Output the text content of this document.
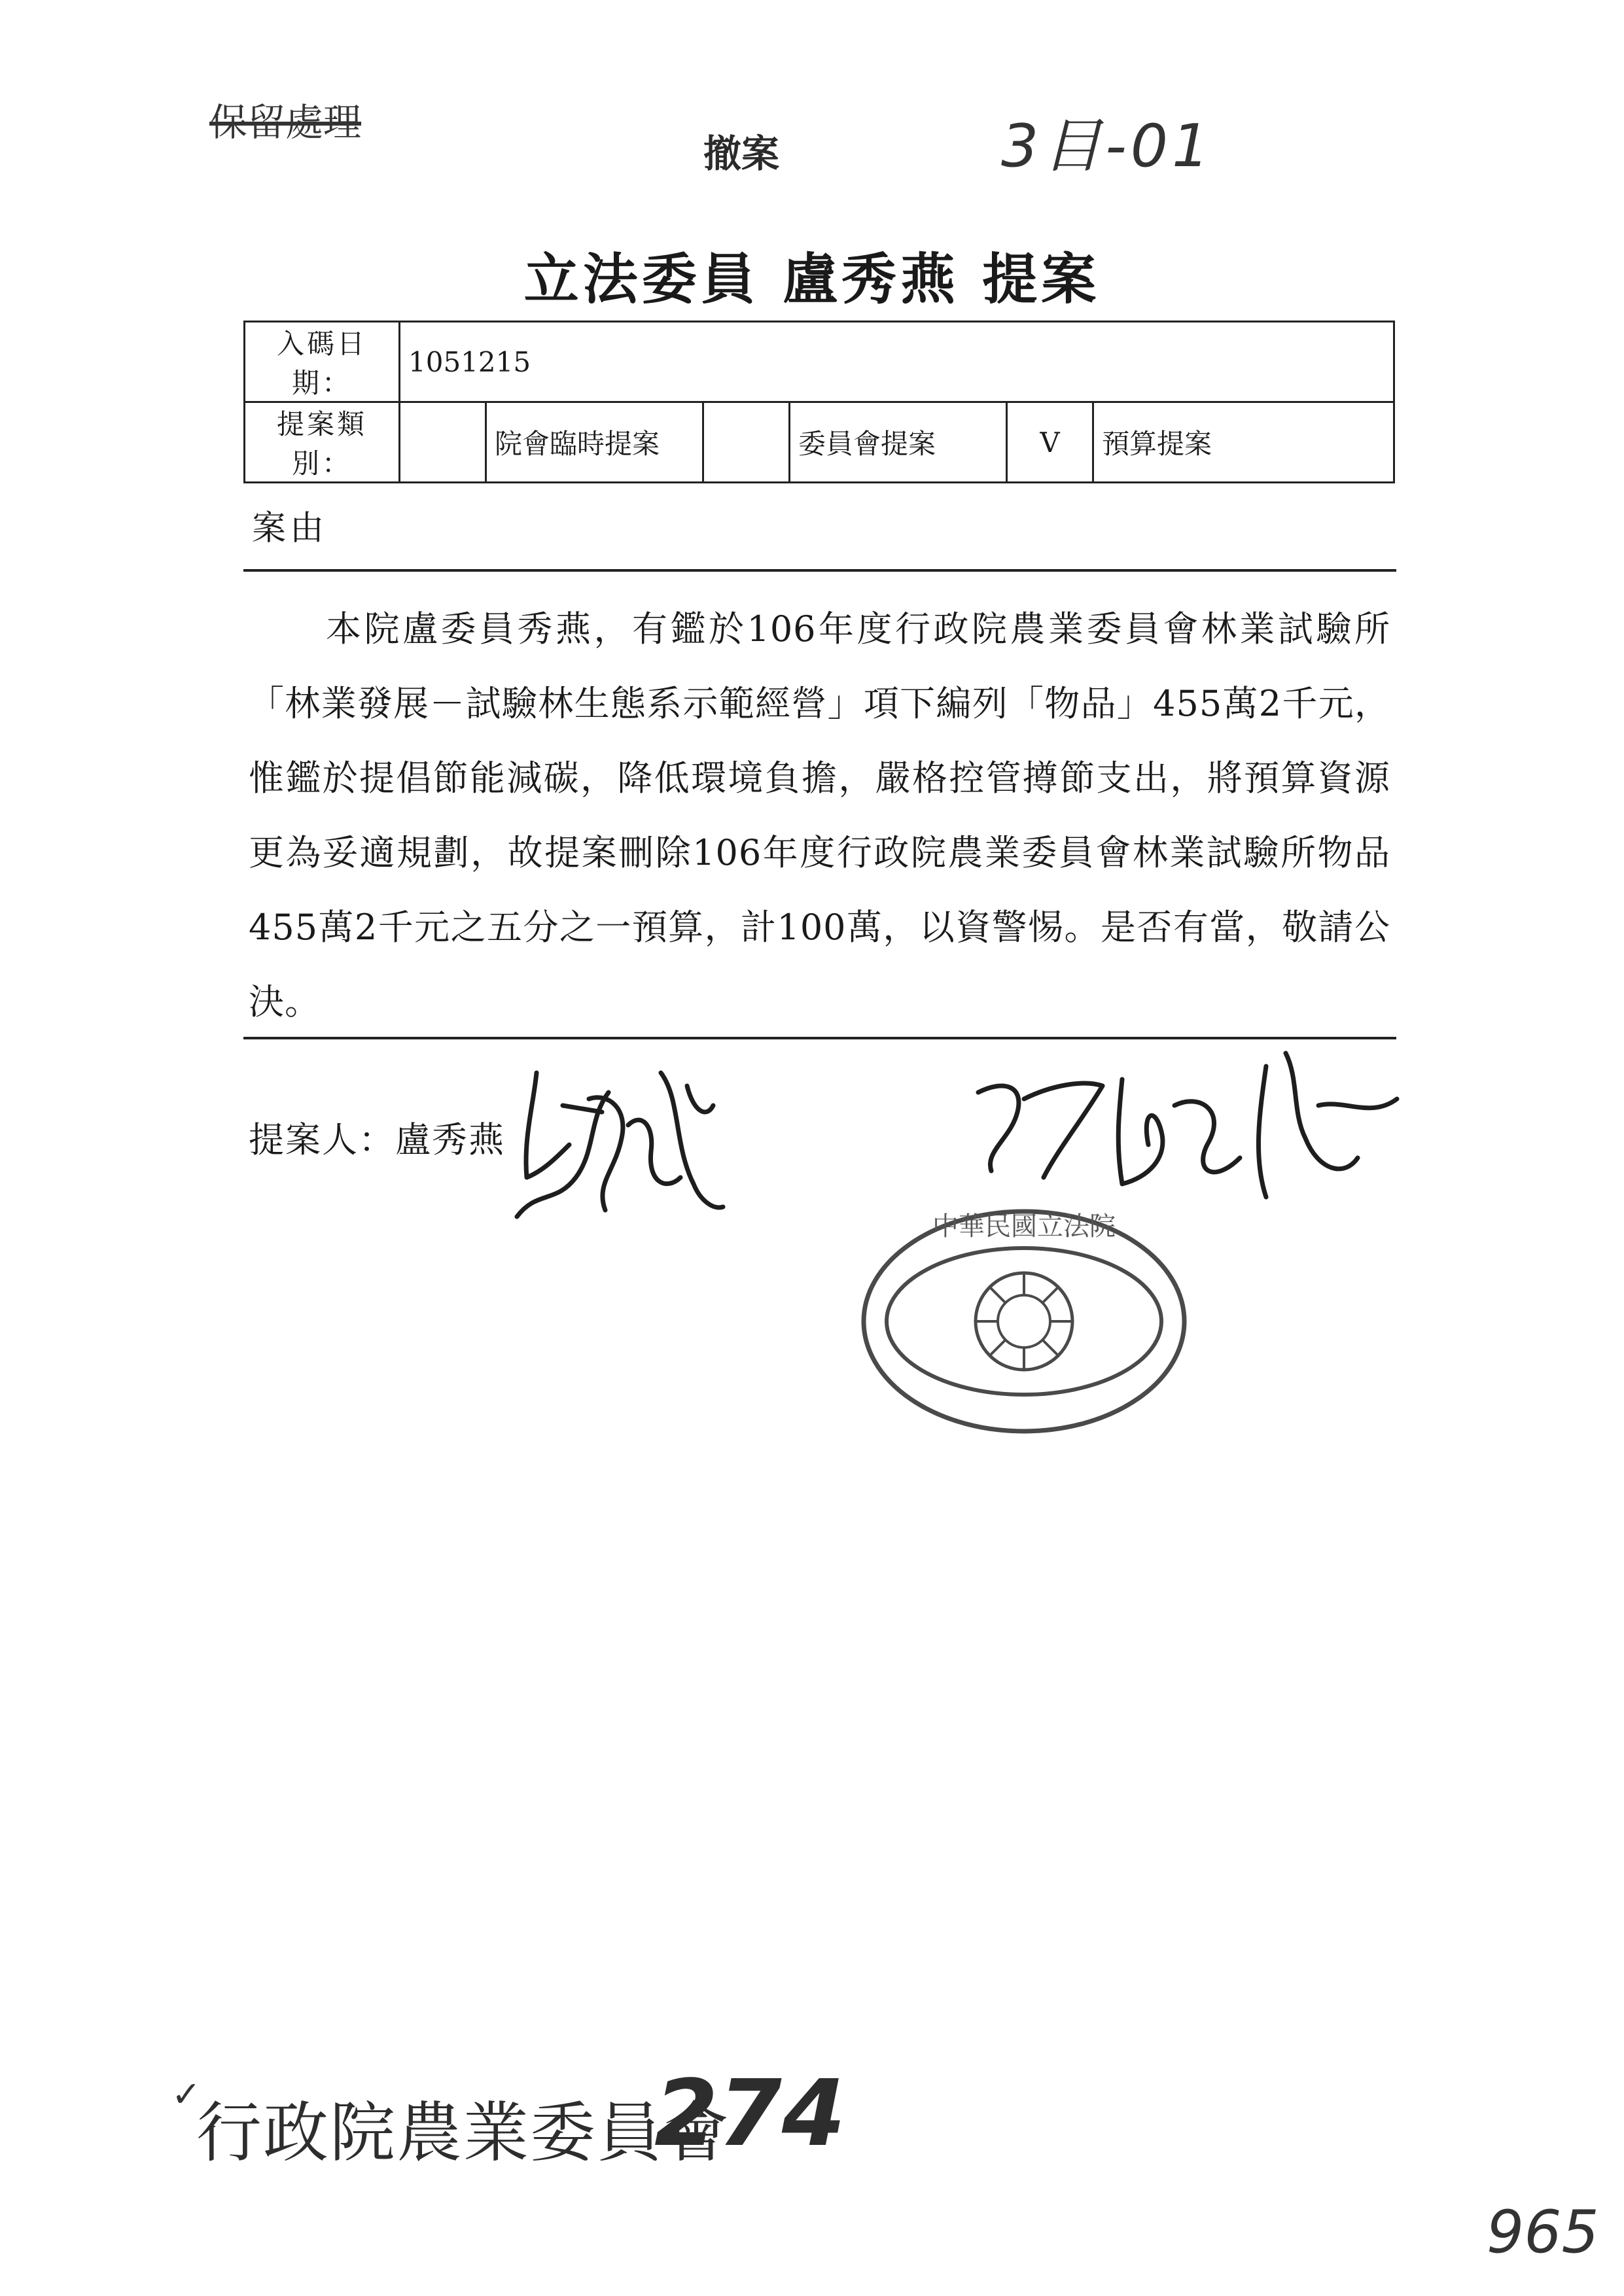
保留處理
撤案	3目-01
立法委員 盧秀燕 提案
入碼日期：	1051215					
提案類別：		院會臨時提案		委員會提案	V	預算提案
案由
本院盧委員秀燕，有鑑於106年度行政院農業委員會林業試驗所「林業發展－試驗林生態系示範經營」項下編列「物品」455萬2千元，惟鑑於提倡節能減碳，降低環境負擔，嚴格控管撙節支出，將預算資源更為妥適規劃，故提案刪除106年度行政院農業委員會林業試驗所物品455萬2千元之五分之一預算，計100萬，以資警惕。是否有當，敬請公決。
提案人：盧秀燕
中華民國立法院
✓
行政院農業委員會
274
965
